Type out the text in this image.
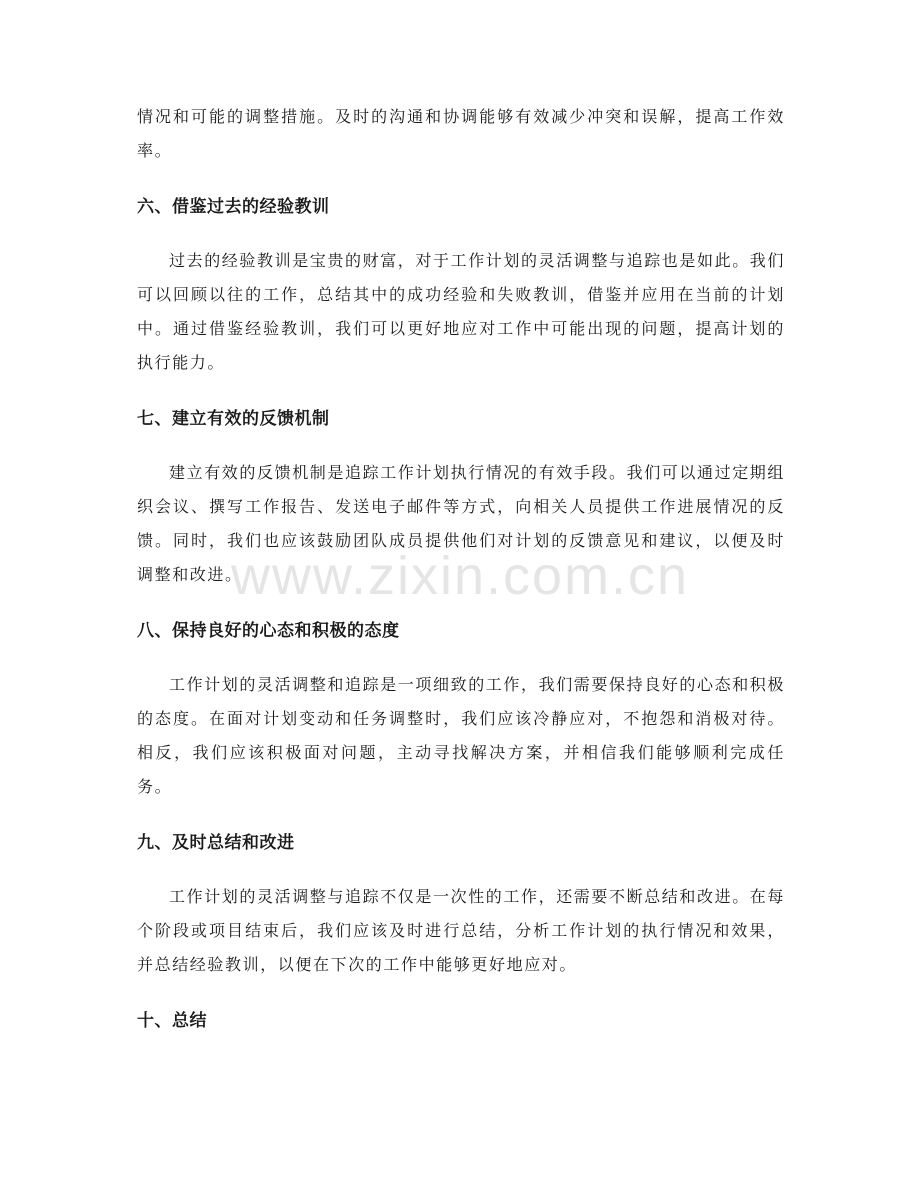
情况和可能的调整措施。及时的沟通和协调能够有效减少冲突和误解，提高工作效率。

六、借鉴过去的经验教训

过去的经验教训是宝贵的财富，对于工作计划的灵活调整与追踪也是如此。我们可以回顾以往的工作，总结其中的成功经验和失败教训，借鉴并应用在当前的计划中。通过借鉴经验教训，我们可以更好地应对工作中可能出现的问题，提高计划的执行能力。

七、建立有效的反馈机制

建立有效的反馈机制是追踪工作计划执行情况的有效手段。我们可以通过定期组织会议、撰写工作报告、发送电子邮件等方式，向相关人员提供工作进展情况的反馈。同时，我们也应该鼓励团队成员提供他们对计划的反馈意见和建议，以便及时调整和改进。

八、保持良好的心态和积极的态度

工作计划的灵活调整和追踪是一项细致的工作，我们需要保持良好的心态和积极的态度。在面对计划变动和任务调整时，我们应该冷静应对，不抱怨和消极对待。相反，我们应该积极面对问题，主动寻找解决方案，并相信我们能够顺利完成任务。

九、及时总结和改进

工作计划的灵活调整与追踪不仅是一次性的工作，还需要不断总结和改进。在每个阶段或项目结束后，我们应该及时进行总结，分析工作计划的执行情况和效果，并总结经验教训，以便在下次的工作中能够更好地应对。

十、总结
www.zixin.com.cn
